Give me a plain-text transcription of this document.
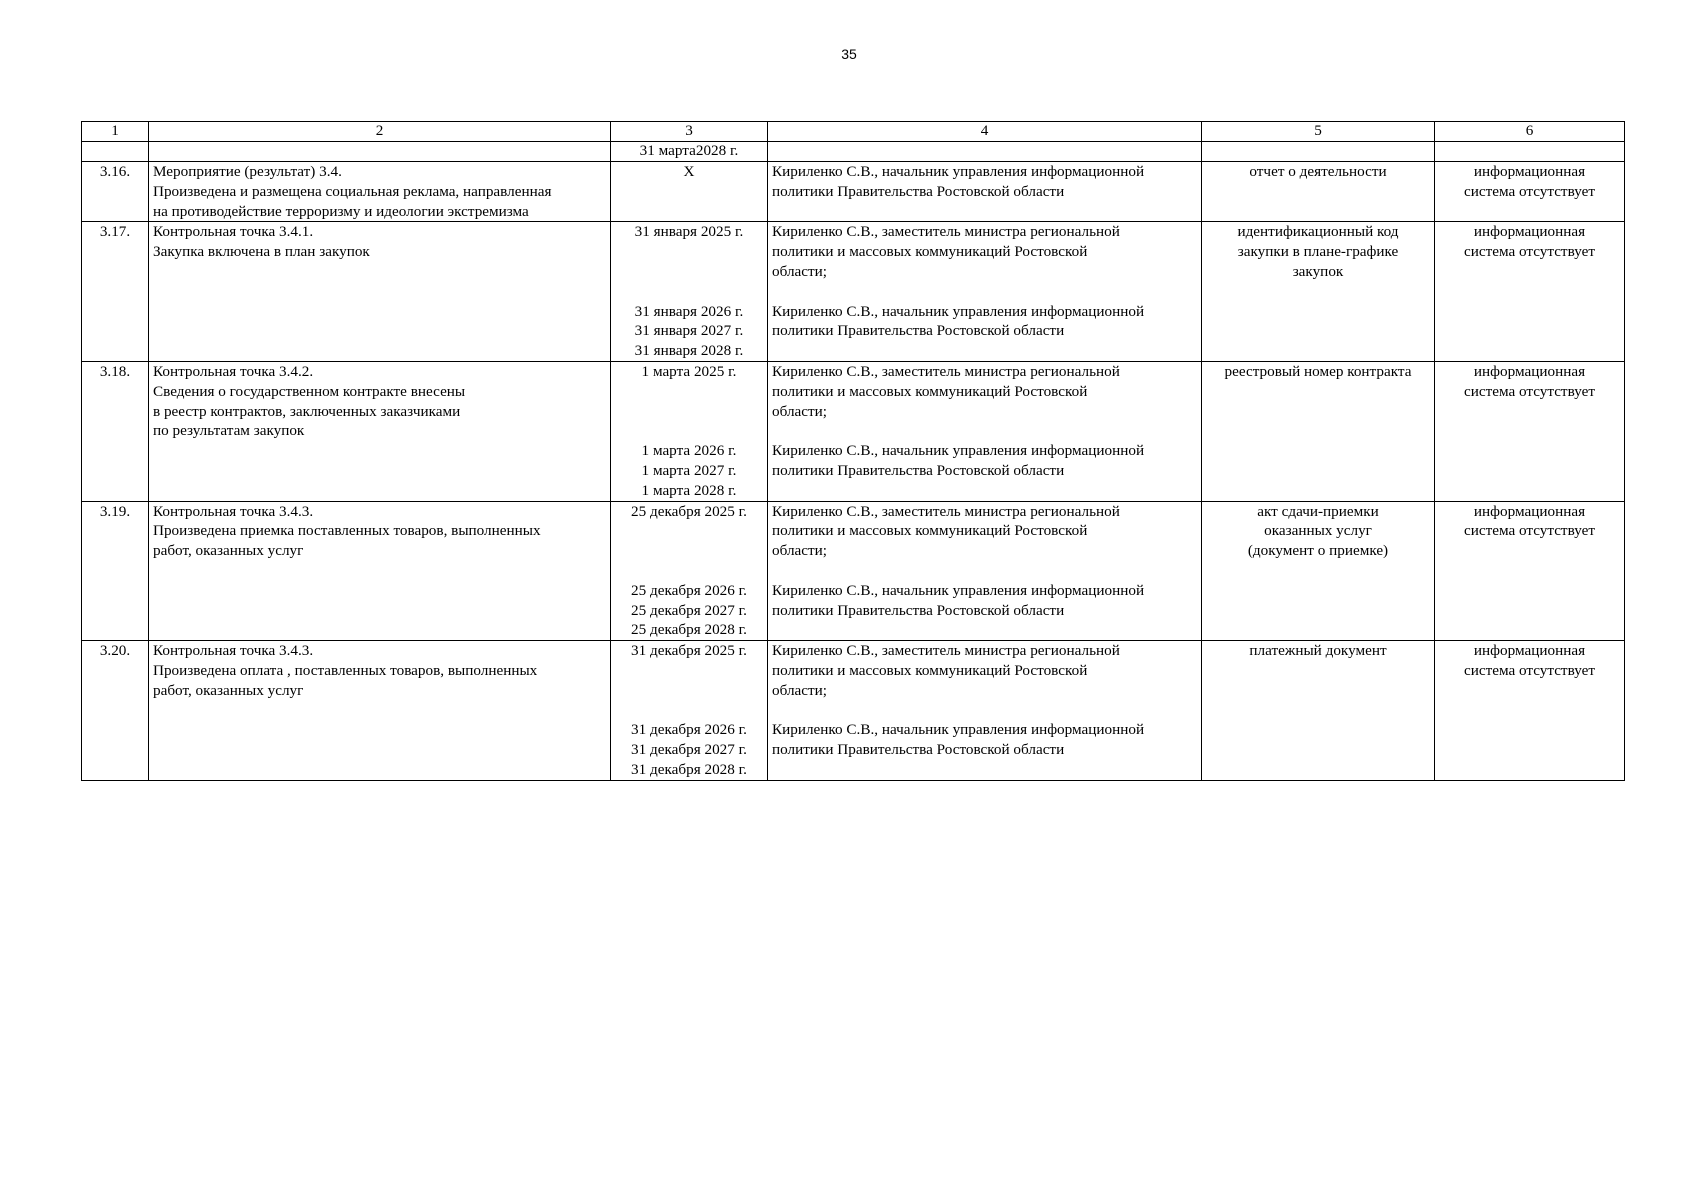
35
1	2	3	4	5	6
		31 марта2028 г.			
3.16.	Мероприятие (результат) 3.4.
Произведена и размещена социальная реклама, направленная
на противодействие терроризму и идеологии экстремизма	X	Кириленко С.В., начальник управления информационной
политики Правительства Ростовской области	отчет о деятельности	информационная
система отсутствует

3.17.	Контрольная точка 3.4.1.
Закупка включена в план закупок	31 января 2025 г.
31 января 2026 г.
31 января 2027 г.
31 января 2028 г.	Кириленко С.В., заместитель министра региональной
политики и массовых коммуникаций Ростовской
области;
Кириленко С.В., начальник управления информационной
политики Правительства Ростовской области	идентификационный код
закупки в плане-графике
закупок	информационная
система отсутствует

3.18.	Контрольная точка 3.4.2.
Сведения о государственном контракте внесены
в реестр контрактов, заключенных заказчиками
по результатам закупок	1 марта 2025 г.
1 марта 2026 г.
1 марта 2027 г.
1 марта 2028 г.	Кириленко С.В., заместитель министра региональной
политики и массовых коммуникаций Ростовской
области;
Кириленко С.В., начальник управления информационной
политики Правительства Ростовской области	реестровый номер контракта	информационная
система отсутствует

3.19.	Контрольная точка 3.4.3.
Произведена приемка поставленных товаров, выполненных
работ, оказанных услуг	25 декабря 2025 г.
25 декабря 2026 г.
25 декабря 2027 г.
25 декабря 2028 г.	Кириленко С.В., заместитель министра региональной
политики и массовых коммуникаций Ростовской
области;
Кириленко С.В., начальник управления информационной
политики Правительства Ростовской области	акт сдачи-приемки
оказанных услуг
(документ о приемке)	информационная
система отсутствует

3.20.	Контрольная точка 3.4.3.
Произведена оплата , поставленных товаров, выполненных
работ, оказанных услуг	31 декабря 2025 г.
31 декабря 2026 г.
31 декабря 2027 г.
31 декабря 2028 г.	Кириленко С.В., заместитель министра региональной
политики и массовых коммуникаций Ростовской
области;
Кириленко С.В., начальник управления информационной
политики Правительства Ростовской области	платежный документ	информационная
система отсутствует
